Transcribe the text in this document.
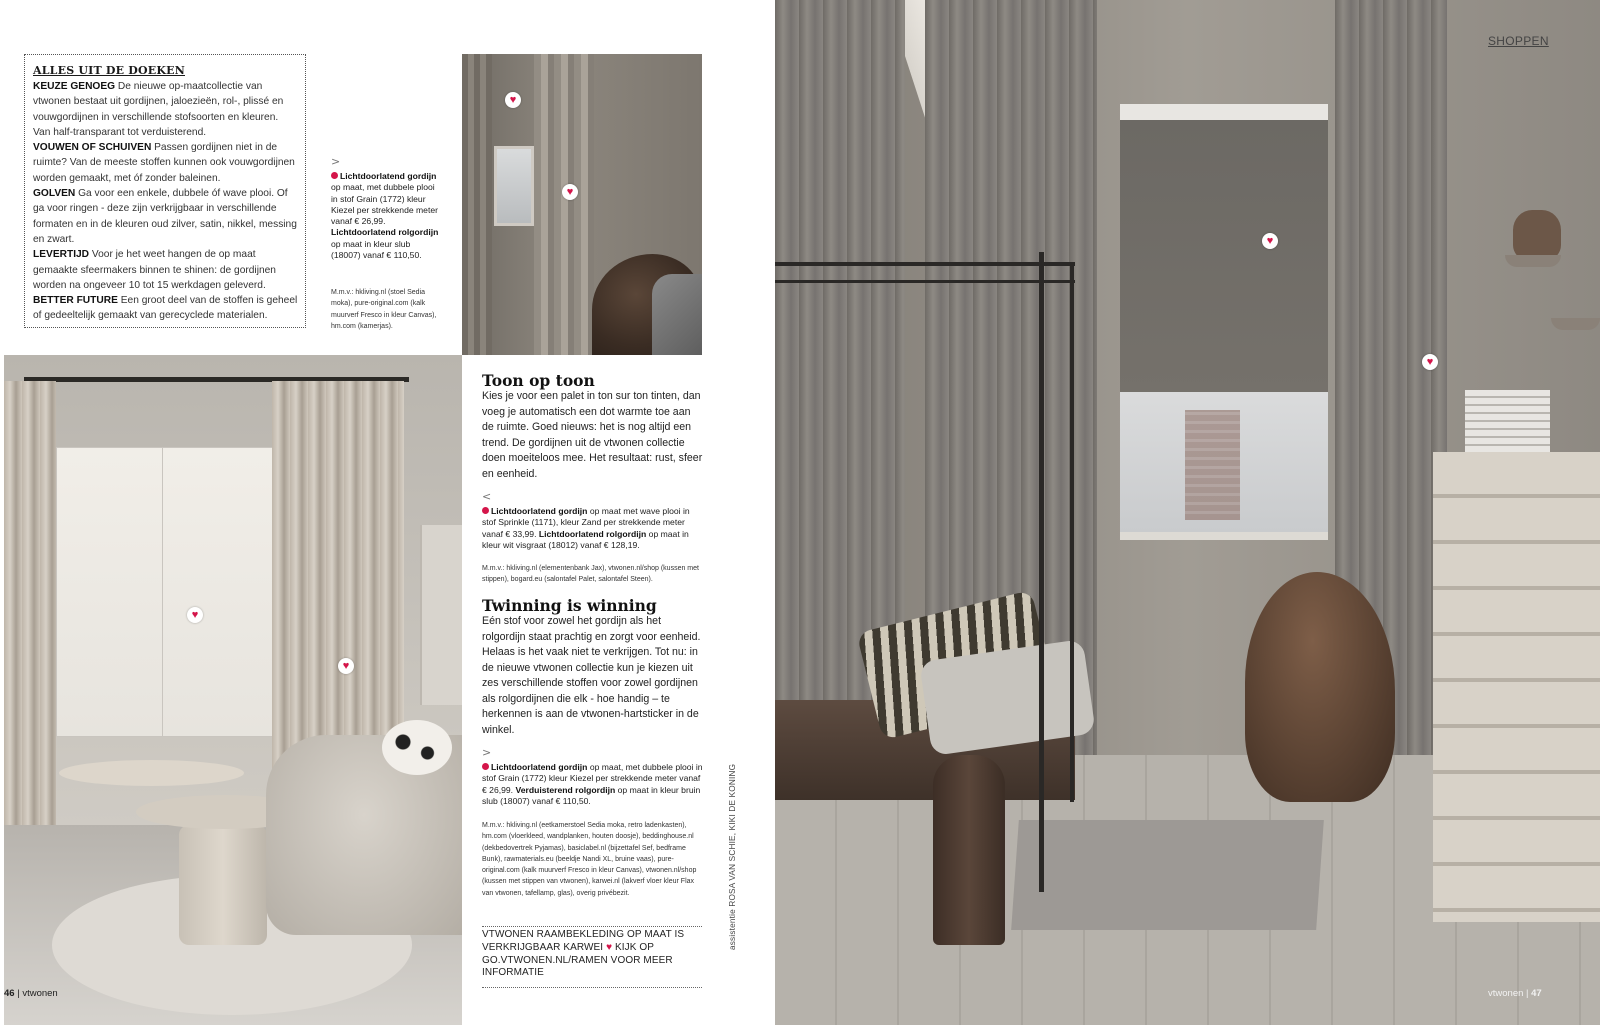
♥
♥
♥
♥
♥
♥
ALLES UIT DE DOEKEN

KEUZE GENOEG De nieuwe op-maatcollectie van vtwonen bestaat uit gordijnen, jaloezieën, rol-, plissé en vouwgordijnen in verschillende stofsoorten en kleuren. Van half-transparant tot verduisterend.
VOUWEN OF SCHUIVEN Passen gordijnen niet in de ruimte? Van de meeste stoffen kunnen ook vouwgordijnen worden gemaakt, met óf zonder baleinen.
GOLVEN Ga voor een enkele, dubbele óf wave plooi. Of ga voor ringen - deze zijn verkrijgbaar in verschillende formaten en in de kleuren oud zilver, satin, nikkel, messing en zwart.
LEVERTIJD Voor je het weet hangen de op maat gemaakte sfeermakers binnen te shinen: de gordijnen worden na ongeveer 10 tot 15 werkdagen geleverd.
BETTER FUTURE Een groot deel van de stoffen is geheel of gedeeltelijk gemaakt van gerecyclede materialen.

>
Lichtdoorlatend gordijn op maat, met dubbele plooi in stof Grain (1772) kleur Kiezel per strekkende meter vanaf € 26,99. Lichtdoorlatend rolgordijn op maat in kleur slub (18007) vanaf € 110,50.
M.m.v.: hkliving.nl (stoel Sedia moka), pure-original.com (kalk muurverf Fresco in kleur Canvas), hm.com (kamerjas).
Toon op toon
Kies je voor een palet in ton sur ton tinten, dan voeg je automatisch een dot warmte toe aan de ruimte. Goed nieuws: het is nog altijd een trend. De gordijnen uit de vtwonen collectie doen moeiteloos mee. Het resultaat: rust, sfeer en eenheid.
<
Lichtdoorlatend gordijn op maat met wave plooi in stof Sprinkle (1171), kleur Zand per strekkende meter vanaf € 33,99. Lichtdoorlatend rolgordijn op maat in kleur wit visgraat (18012) vanaf € 128,19.
M.m.v.: hkliving.nl (elementenbank Jax), vtwonen.nl/shop (kussen met stippen), bogard.eu (salontafel Palet, salontafel Steen).
Twinning is winning
Eén stof voor zowel het gordijn als het rolgordijn staat prachtig en zorgt voor eenheid. Helaas is het vaak niet te verkrijgen. Tot nu: in de nieuwe vtwonen collectie kun je kiezen uit zes verschillende stoffen voor zowel gordijnen als rolgordijnen die elk - hoe handig – te herkennen is aan de vtwonen-hartsticker in de winkel.
>
Lichtdoorlatend gordijn op maat, met dubbele plooi in stof Grain (1772) kleur Kiezel per strekkende meter vanaf € 26,99. Verduisterend rolgordijn op maat in kleur bruin slub (18007) vanaf € 110,50.
M.m.v.: hkliving.nl (eetkamerstoel Sedia moka, retro ladenkasten), hm.com (vloerkleed, wandplanken, houten doosje), beddinghouse.nl (dekbedovertrek Pyjamas), basiclabel.nl (bijzettafel Sef, bedframe Bunk), rawmaterials.eu (beeldje Nandi XL, bruine vaas), pure-original.com (kalk muurverf Fresco in kleur Canvas), vtwonen.nl/shop (kussen met stippen van vtwonen), karwei.nl (lakverf vloer kleur Flax van vtwonen, tafellamp, glas), overig privébezit.
VTWONEN RAAMBEKLEDING OP MAAT IS VERKRIJGBAAR KARWEI ♥ KIJK OP GO.VTWONEN.NL/RAMEN VOOR MEER INFORMATIE
46 | vtwonen	vtwonen | 47
assistentie ROSA VAN SCHIE, KIKI DE KONING
SHOPPEN
